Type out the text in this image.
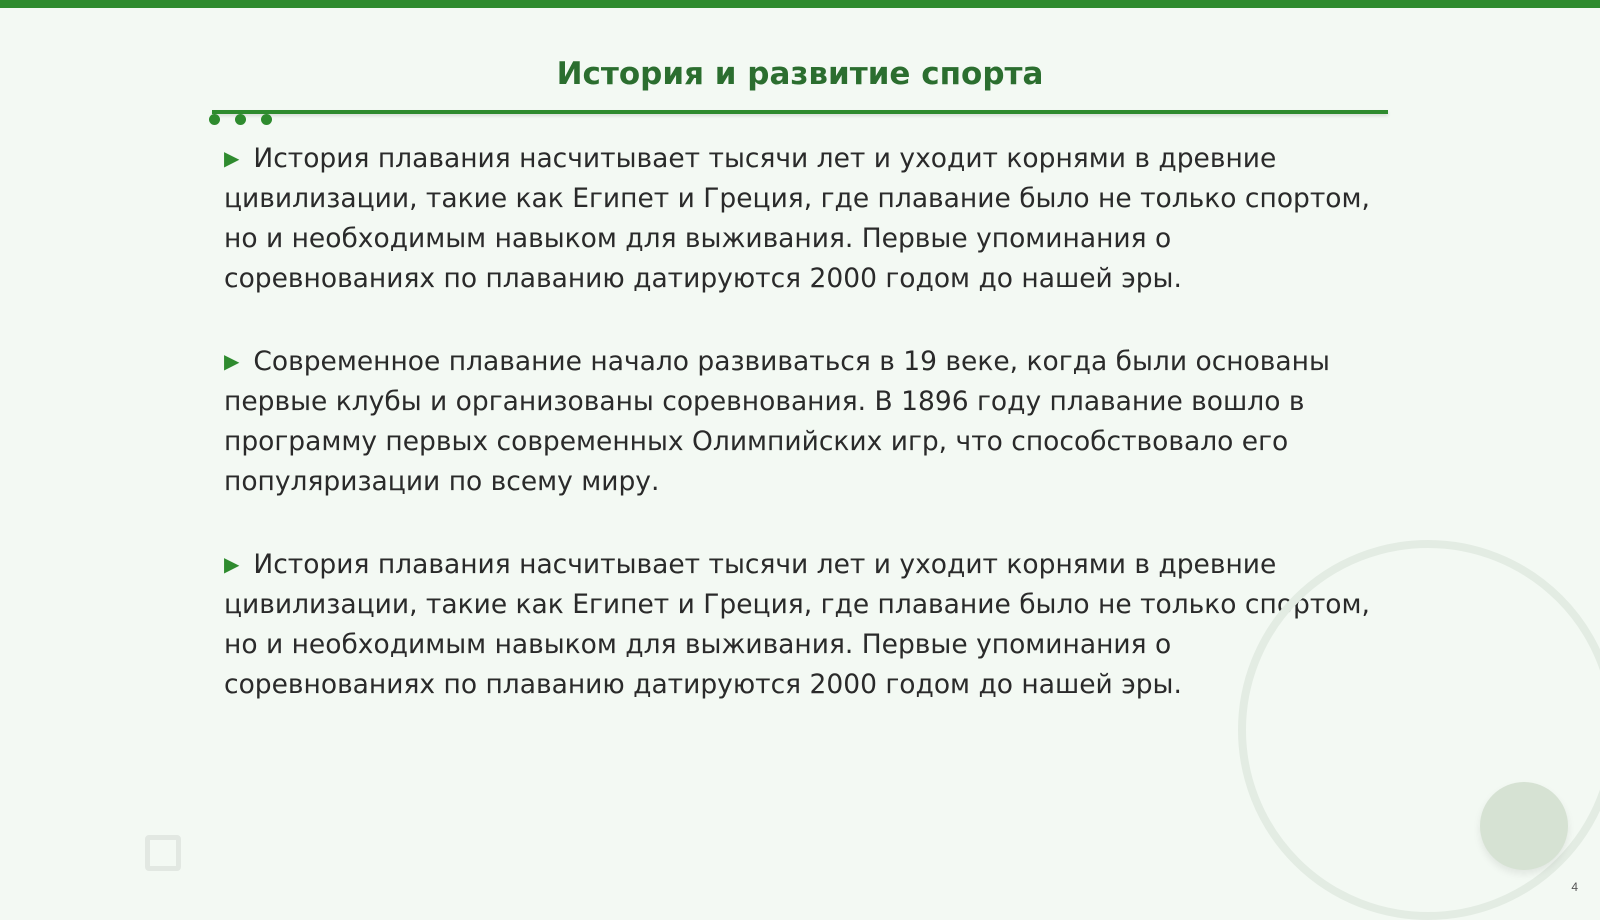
История и развитие спорта

▶ История плавания насчитывает тысячи лет и уходит корнями в древние цивилизации, такие как Египет и Греция, где плавание было не только спортом, но и необходимым навыком для выживания. Первые упоминания о соревнованиях по плаванию датируются 2000 годом до нашей эры.

▶ Современное плавание начало развиваться в 19 веке, когда были основаны первые клубы и организованы соревнования. В 1896 году плавание вошло в программу первых современных Олимпийских игр, что способствовало его популяризации по всему миру.

▶ История плавания насчитывает тысячи лет и уходит корнями в древние цивилизации, такие как Египет и Греция, где плавание было не только спортом, но и необходимым навыком для выживания. Первые упоминания о соревнованиях по плаванию датируются 2000 годом до нашей эры.

4
